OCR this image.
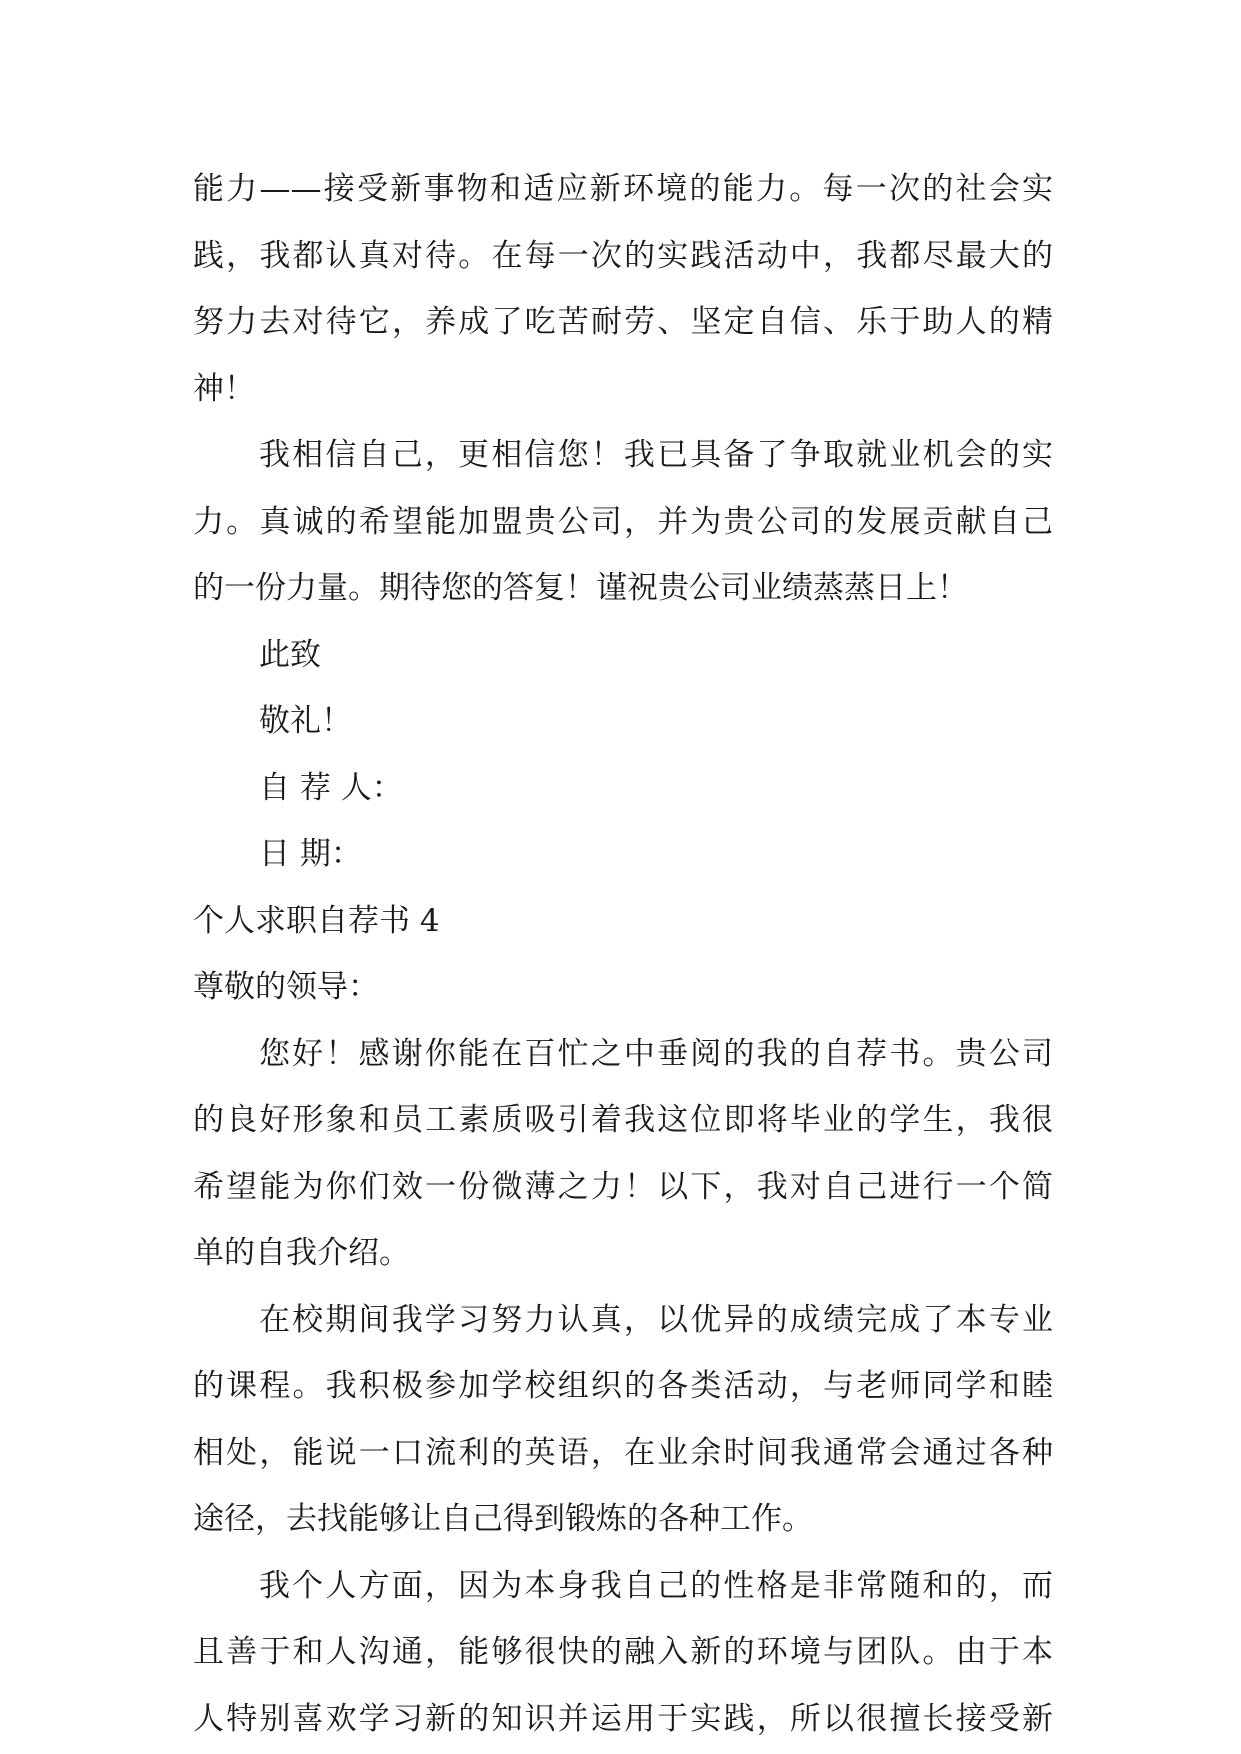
能力——接受新事物和适应新环境的能力。每一次的社会实
践，我都认真对待。在每一次的实践活动中，我都尽最大的
努力去对待它，养成了吃苦耐劳、坚定自信、乐于助人的精
神！
我相信自己，更相信您！我已具备了争取就业机会的实
力。真诚的希望能加盟贵公司，并为贵公司的发展贡献自己
的一份力量。期待您的答复！谨祝贵公司业绩蒸蒸日上！
此致
敬礼！
自 荐 人：
日 期：
个人求职自荐书 4
尊敬的领导：
您好！感谢你能在百忙之中垂阅的我的自荐书。贵公司
的良好形象和员工素质吸引着我这位即将毕业的学生，我很
希望能为你们效一份微薄之力！以下，我对自己进行一个简
单的自我介绍。
在校期间我学习努力认真，以优异的成绩完成了本专业
的课程。我积极参加学校组织的各类活动，与老师同学和睦
相处，能说一口流利的英语，在业余时间我通常会通过各种
途径，去找能够让自己得到锻炼的各种工作。
我个人方面，因为本身我自己的性格是非常随和的，而
且善于和人沟通，能够很快的融入新的环境与团队。由于本
人特别喜欢学习新的知识并运用于实践，所以很擅长接受新
